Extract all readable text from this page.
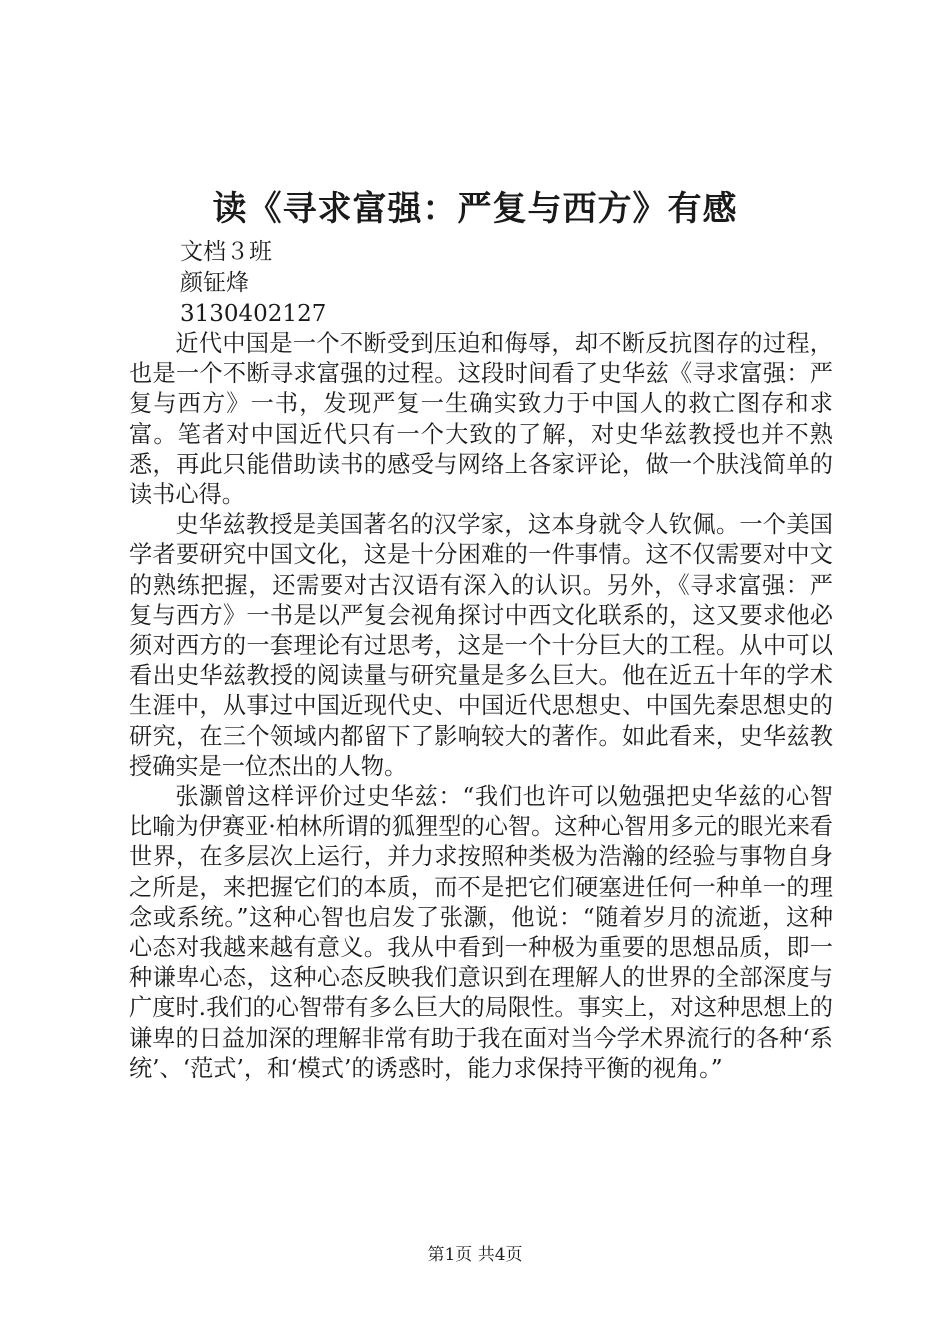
读《寻求富强：严复与西方》有感
文档３班
颜钲烽
3130402127

近代中国是一个不断受到压迫和侮辱，却不断反抗图存的过程，也是一个不断寻求富强的过程。这段时间看了史华兹《寻求富强：严复与西方》一书，发现严复一生确实致力于中国人的救亡图存和求富。笔者对中国近代只有一个大致的了解，对史华兹教授也并不熟悉，再此只能借助读书的感受与网络上各家评论，做一个肤浅简单的读书心得。

史华兹教授是美国著名的汉学家，这本身就令人钦佩。一个美国学者要研究中国文化，这是十分困难的一件事情。这不仅需要对中文的熟练把握，还需要对古汉语有深入的认识。另外，《寻求富强：严复与西方》一书是以严复会视角探讨中西文化联系的，这又要求他必须对西方的一套理论有过思考，这是一个十分巨大的工程。从中可以看出史华兹教授的阅读量与研究量是多么巨大。他在近五十年的学术生涯中，从事过中国近现代史、中国近代思想史、中国先秦思想史的研究，在三个领域内都留下了影响较大的著作。如此看来，史华兹教授确实是一位杰出的人物。

张灏曾这样评价过史华兹：“我们也许可以勉强把史华兹的心智比喻为伊赛亚·柏林所谓的狐狸型的心智。这种心智用多元的眼光来看世界，在多层次上运行，并力求按照种类极为浩瀚的经验与事物自身之所是，来把握它们的本质，而不是把它们硬塞进任何一种单一的理念或系统。”这种心智也启发了张灏，他说：“随着岁月的流逝，这种心态对我越来越有意义。我从中看到一种极为重要的思想品质，即一种谦卑心态，这种心态反映我们意识到在理解人的世界的全部深度与广度时.我们的心智带有多么巨大的局限性。事实上，对这种思想上的谦卑的日益加深的理解非常有助于我在面对当今学术界流行的各种‘系统’、‘范式’，和‘模式’的诱惑时，能力求保持平衡的视角。”

第1页 共4页
